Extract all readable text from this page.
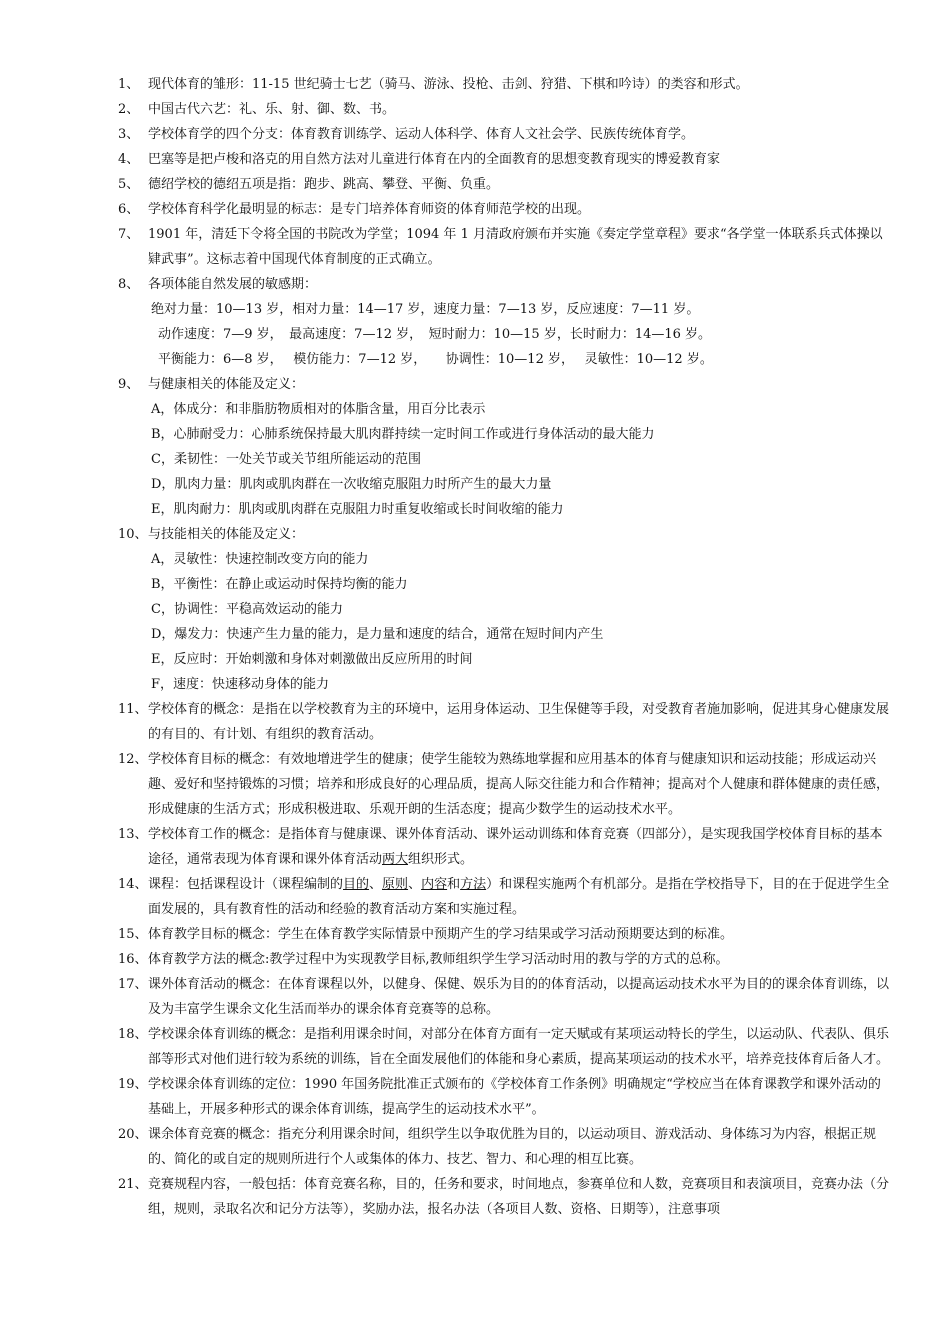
1、 现代体育的雏形：11-15 世纪骑士七艺（骑马、游泳、投枪、击剑、狩猎、下棋和吟诗）的类容和形式。
2、 中国古代六艺：礼、乐、射、御、数、书。
3、 学校体育学的四个分支：体育教育训练学、运动人体科学、体育人文社会学、民族传统体育学。
4、 巴塞等是把卢梭和洛克的用自然方法对儿童进行体育在内的全面教育的思想变教育现实的博爱教育家
5、 德绍学校的德绍五项是指：跑步、跳高、攀登、平衡、负重。
6、 学校体育科学化最明显的标志：是专门培养体育师资的体育师范学校的出现。
7、 1901 年，清廷下令将全国的书院改为学堂；1094 年 1 月清政府颁布并实施《奏定学堂章程》要求“各学堂一体联系兵式体操以肄武事”。这标志着中国现代体育制度的正式确立。
8、 各项体能自然发展的敏感期：
绝对力量：10—13 岁，相对力量：14—17 岁，速度力量：7—13 岁，反应速度：7—11 岁。
动作速度：7—9 岁，　最高速度：7—12 岁，　短时耐力：10—15 岁，长时耐力：14—16 岁。
平衡能力：6—8 岁，　 模仿能力：7—12 岁，　　协调性：10—12 岁，　 灵敏性：10—12 岁。
9、 与健康相关的体能及定义：
A，体成分：和非脂肪物质相对的体脂含量，用百分比表示
B，心肺耐受力：心肺系统保持最大肌肉群持续一定时间工作或进行身体活动的最大能力
C，柔韧性：一处关节或关节组所能运动的范围
D，肌肉力量：肌肉或肌肉群在一次收缩克服阻力时所产生的最大力量
E，肌肉耐力：肌肉或肌肉群在克服阻力时重复收缩或长时间收缩的能力
10、 与技能相关的体能及定义：
A，灵敏性：快速控制改变方向的能力
B，平衡性：在静止或运动时保持均衡的能力
C，协调性：平稳高效运动的能力
D，爆发力：快速产生力量的能力，是力量和速度的结合，通常在短时间内产生
E，反应时：开始刺激和身体对刺激做出反应所用的时间
F，速度：快速移动身体的能力
11、 学校体育的概念：是指在以学校教育为主的环境中，运用身体运动、卫生保健等手段，对受教育者施加影响，促进其身心健康发展的有目的、有计划、有组织的教育活动。
12、 学校体育目标的概念：有效地增进学生的健康；使学生能较为熟练地掌握和应用基本的体育与健康知识和运动技能；形成运动兴趣、爱好和坚持锻炼的习惯；培养和形成良好的心理品质，提高人际交往能力和合作精神；提高对个人健康和群体健康的责任感，形成健康的生活方式；形成积极进取、乐观开朗的生活态度；提高少数学生的运动技术水平。
13、 学校体育工作的概念：是指体育与健康课、课外体育活动、课外运动训练和体育竞赛（四部分），是实现我国学校体育目标的基本途径，通常表现为体育课和课外体育活动两大组织形式。
14、 课程：包括课程设计（课程编制的目的、原则、内容和方法）和课程实施两个有机部分。是指在学校指导下，目的在于促进学生全面发展的，具有教育性的活动和经验的教育活动方案和实施过程。
15、 体育教学目标的概念：学生在体育教学实际情景中预期产生的学习结果或学习活动预期要达到的标准。
16、 体育教学方法的概念:教学过程中为实现教学目标,教师组织学生学习活动时用的教与学的方式的总称。
17、 课外体育活动的概念：在体育课程以外，以健身、保健、娱乐为目的的体育活动，以提高运动技术水平为目的的课余体育训练，以及为丰富学生课余文化生活而举办的课余体育竞赛等的总称。
18、 学校课余体育训练的概念：是指利用课余时间，对部分在体育方面有一定天赋或有某项运动特长的学生，以运动队、代表队、俱乐部等形式对他们进行较为系统的训练，旨在全面发展他们的体能和身心素质，提高某项运动的技术水平，培养竞技体育后备人才。
19、 学校课余体育训练的定位：1990 年国务院批准正式颁布的《学校体育工作条例》明确规定“学校应当在体育课教学和课外活动的基础上，开展多种形式的课余体育训练，提高学生的运动技术水平”。
20、 课余体育竞赛的概念：指充分利用课余时间，组织学生以争取优胜为目的，以运动项目、游戏活动、身体练习为内容，根据正规的、简化的或自定的规则所进行个人或集体的体力、技艺、智力、和心理的相互比赛。
21、 竞赛规程内容，一般包括：体育竞赛名称，目的，任务和要求，时间地点，参赛单位和人数，竞赛项目和表演项目，竞赛办法（分组，规则，录取名次和记分方法等），奖励办法，报名办法（各项目人数、资格、日期等），注意事项
